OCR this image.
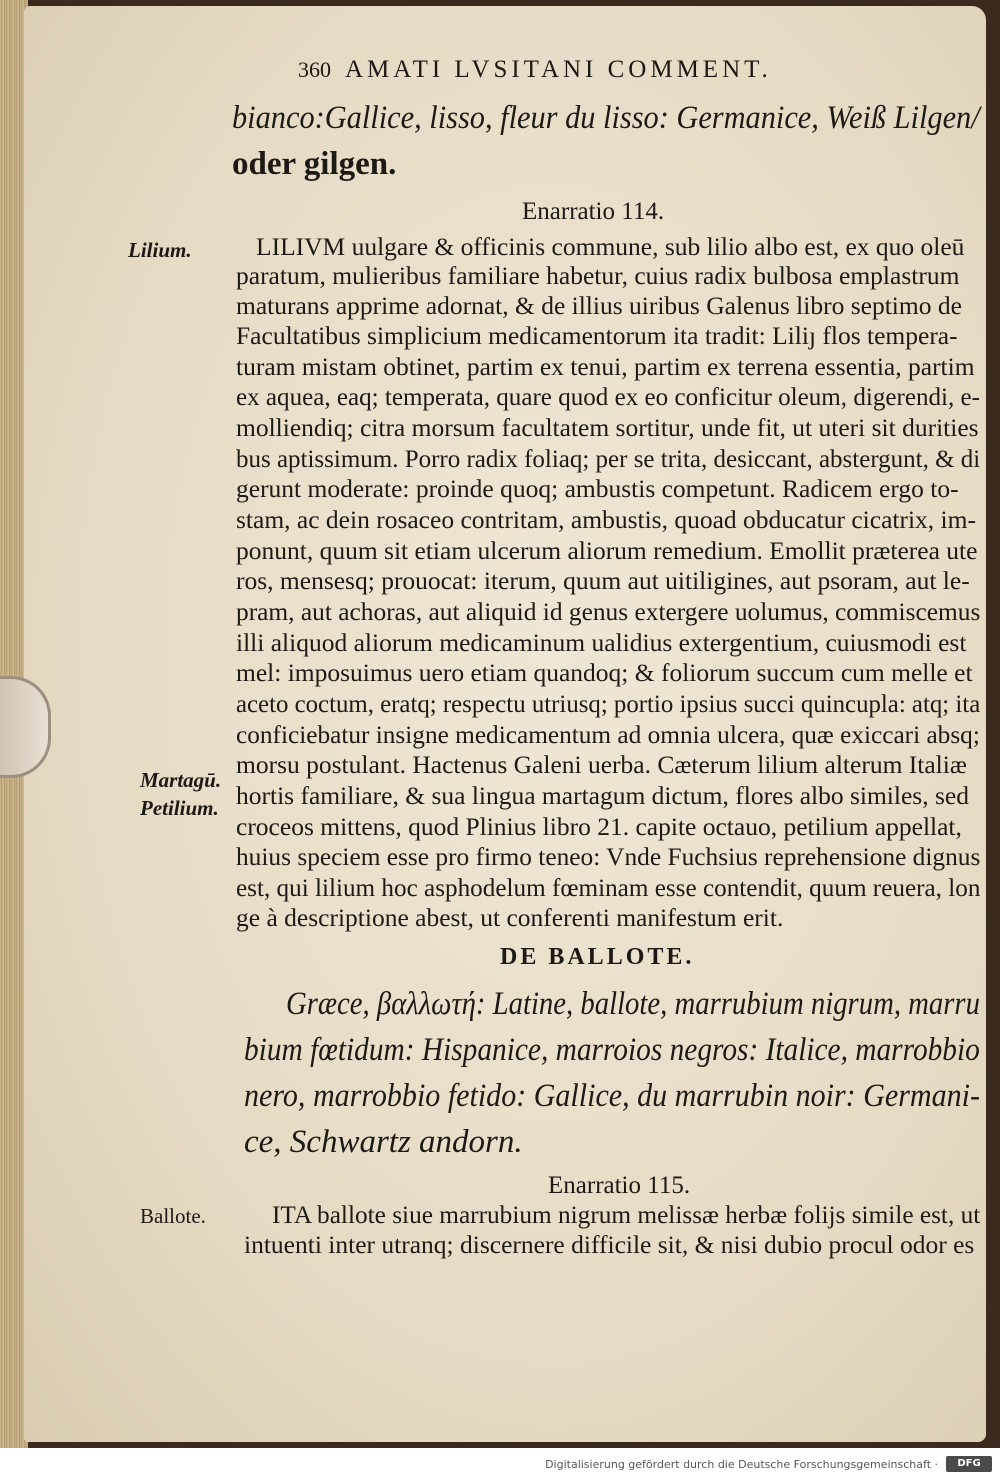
360 AMATI LVSITANI COMMENT.
bianco:Gallice, lisso, fleur du lisso: Germanice, Weiß Lilgen/
oder gilgen.
Enarratio 114.
Lilium.
Martagū.
Petilium.
LILIVM uulgare & officinis commune, sub lilio albo est, ex quo oleū
paratum, mulieribus familiare habetur, cuius radix bulbosa emplastrum
maturans apprime adornat, & de illius uiribus Galenus libro septimo de
Facultatibus simplicium medicamentorum ita tradit: Liliȷ flos tempera-
turam mistam obtinet, partim ex tenui, partim ex terrena essentia, partim
ex aquea, eaq; temperata, quare quod ex eo conficitur oleum, digerendi, e-
molliendiq; citra morsum facultatem sortitur, unde fit, ut uteri sit durities
bus aptissimum. Porro radix foliaq; per se trita, desiccant, abstergunt, & di
gerunt moderate: proinde quoq; ambustis competunt. Radicem ergo to-
stam, ac dein rosaceo contritam, ambustis, quoad obducatur cicatrix, im-
ponunt, quum sit etiam ulcerum aliorum remedium. Emollit præterea ute
ros, mensesq; prouocat: iterum, quum aut uitiligines, aut psoram, aut le-
pram, aut achoras, aut aliquid id genus extergere uolumus, commiscemus
illi aliquod aliorum medicaminum ualidius extergentium, cuiusmodi est
mel: imposuimus uero etiam quandoq; & foliorum succum cum melle et
aceto coctum, eratq; respectu utriusq; portio ipsius succi quincupla: atq; ita
conficiebatur insigne medicamentum ad omnia ulcera, quæ exiccari absq;
morsu postulant. Hactenus Galeni uerba. Cæterum lilium alterum Italiæ
hortis familiare, & sua lingua martagum dictum, flores albo similes, sed
croceos mittens, quod Plinius libro 21. capite octauo, petilium appellat,
huius speciem esse pro firmo teneo: Vnde Fuchsius reprehensione dignus
est, qui lilium hoc asphodelum fœminam esse contendit, quum reuera, lon
ge à descriptione abest, ut conferenti manifestum erit.
DE BALLOTE.
Græce, βαλλωτή: Latine, ballote, marrubium nigrum, marru
bium fœtidum: Hispanice, marroios negros: Italice, marrobbio
nero, marrobbio fetido: Gallice, du marrubin noir: Germani-
ce, Schwartz andorn.
Enarratio 115.
Ballote.	ITA ballote siue marrubium nigrum melissæ herbæ folijs simile est, ut
intuenti inter utranq; discernere difficile sit, & nisi dubio procul odor es
Digitalisierung gefördert durch die Deutsche Forschungsgemeinschaft ·	DFG
